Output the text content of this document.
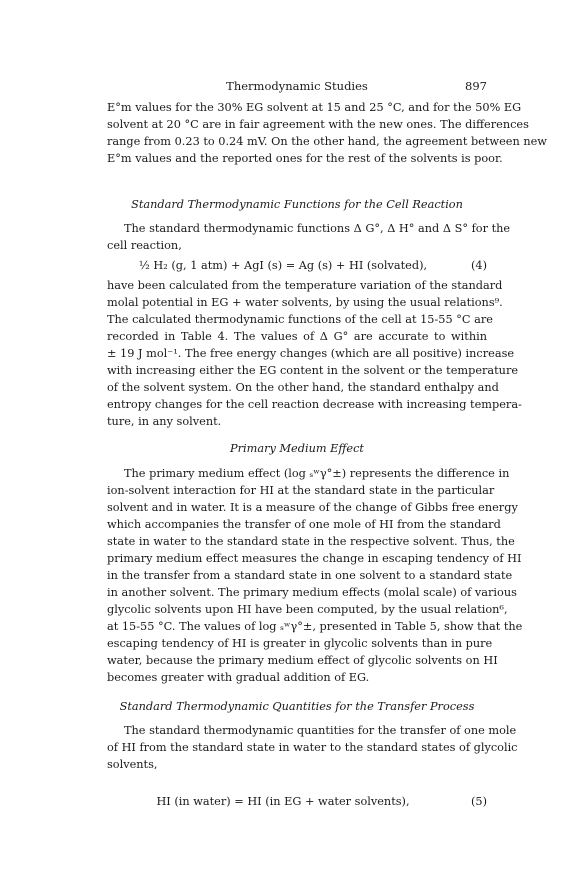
Thermodynamic Studies	897
E°m values for the 30% EG solvent at 15 and 25 °C, and for the 50% EG
solvent at 20 °C are in fair agreement with the new ones. The differences
range from 0.23 to 0.24 mV. On the other hand, the agreement between new
E°m values and the reported ones for the rest of the solvents is poor.
Standard Thermodynamic Functions for the Cell Reaction
The standard thermodynamic functions Δ G°, Δ H° and Δ S° for the
cell reaction,
½ H₂ (g, 1 atm) + AgI (s) = Ag (s) + HI (solvated),	(4)
have been calculated from the temperature variation of the standard
molal potential in EG + water solvents, by using the usual relations⁹.
The calculated thermodynamic functions of the cell at 15-55 °C are
recorded in Table 4. The values of Δ G° are accurate to within
± 19 J mol⁻¹. The free energy changes (which are all positive) increase
with increasing either the EG content in the solvent or the temperature
of the solvent system. On the other hand, the standard enthalpy and
entropy changes for the cell reaction decrease with increasing tempera-
ture, in any solvent.
Primary Medium Effect
The primary medium effect (log ₛʷγ°±) represents the difference in
ion-solvent interaction for HI at the standard state in the particular
solvent and in water. It is a measure of the change of Gibbs free energy
which accompanies the transfer of one mole of HI from the standard
state in water to the standard state in the respective solvent. Thus, the
primary medium effect measures the change in escaping tendency of HI
in the transfer from a standard state in one solvent to a standard state
in another solvent. The primary medium effects (molal scale) of various
glycolic solvents upon HI have been computed, by the usual relation⁶,
at 15-55 °C. The values of log ₛʷγ°±, presented in Table 5, show that the
escaping tendency of HI is greater in glycolic solvents than in pure
water, because the primary medium effect of glycolic solvents on HI
becomes greater with gradual addition of EG.
Standard Thermodynamic Quantities for the Transfer Process
The standard thermodynamic quantities for the transfer of one mole
of HI from the standard state in water to the standard states of glycolic
solvents,
HI (in water) = HI (in EG + water solvents),	(5)
